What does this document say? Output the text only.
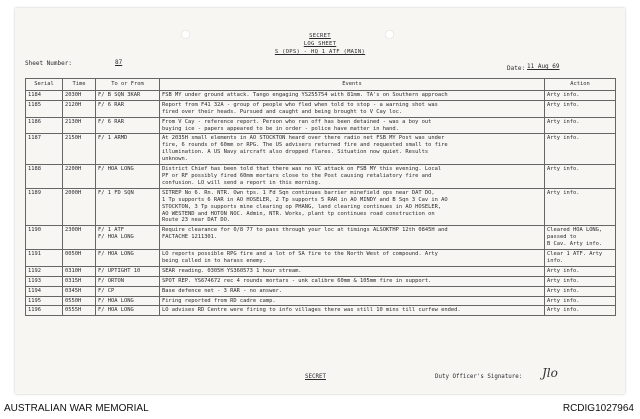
SECRET
LOG SHEET
S (OPS) - HQ 1 ATF (MAIN)
Sheet Number:	87
Date: 11 Aug 69
Serial	Time	To or From	Events	Action
1184	2030H	F/ B SQN 3KAR	FSB MY under ground attack. Tango engaging YS255754 with 81mm. TA's on Southern approach	Arty info.
1185	2120H	F/ 6 RAR	Report from F41 32A - group of people who fled when told to stop - a warning shot was
fired over their heads. Pursued and caught and being brought to V Cay loc.	Arty info.
1186	2130H	F/ 6 RAR	From V Cay - reference report. Person who ran off has been detained - was a boy out
buying ice - papers appeared to be in order - police have matter in hand.	Arty info.
1187	2150H	F/ 1 ARMD	At 2035H small elements in AO STOCKTON heard over there radio net FSB MY Post was under
fire, 6 rounds of 60mm or RPG. The US advisers returned fire and requested small to fire
illumination. A US Navy aircraft also dropped flares. Situation now quiet. Results
unknown.	Arty info.
1188	2200H	F/ HOA LONG	District Chief has been told that there was no VC attack on FSB MY this evening. Local
PF or RF possibly fired 60mm mortars close to the Post causing retaliatory fire and
confusion. LO will send a report in this morning.	Arty info.
1189	2000H	F/ 1 FD SQN	SITREP No 6. Rn. NTR. Own tps. 1 Fd Sqn continues barrier minefield ops near DAT DO,
1 Tp supports 6 RAR in AO HOSELER, 2 Tp supports 5 RAR in AO MINDY and B Sqn 3 Cav in AO
STOCKTON, 3 Tp supports mine clearing op PHANG, land clearing continues in AO HOSELER,
AO WESTEND and HOTON NOC. Admin, NTR. Works, plant tp continues road construction on
Route 23 near DAT DO.	Arty info.
1190	2300H	F/ 1 ATF
F/ HOA LONG	Require clearance for 0/8 77 to pass through your loc at timings ALSOKTHP 12th 0845H and
FACTACHE 1211301.	Cleared HOA LONG, passed to
B Cav. Arty info.
1191	0050H	F/ HOA LONG	LO reports possible RPG fire and a lot of SA fire to the North West of compound. Arty
being called in to harass enemy.	Clear 1 ATF. Arty info.
1192	0310H	F/ UPTIGHT 10	SEAR reading. 0305H YS360573 1 hour stream.	Arty info.
1193	0315H	F/ ORTON	SPOT REP. YS674672 rec 4 rounds mortars - unk calibre 60mm & 105mm fire in support.	Arty info.
1194	0345H	F/ CP	Base defence net - 3 RAR - no answer.	Arty info.
1195	0550H	F/ HOA LONG	Firing reported from RD cadre camp.	Arty info.
1196	0555H	F/ HOA LONG	LO advises RD Centre were firing to info villages there was still 10 mins till curfew ended.	Arty info.
SECRET	Duty Officer's Signature: Jlo
AUSTRALIAN WAR MEMORIAL	RCDIG1027964
